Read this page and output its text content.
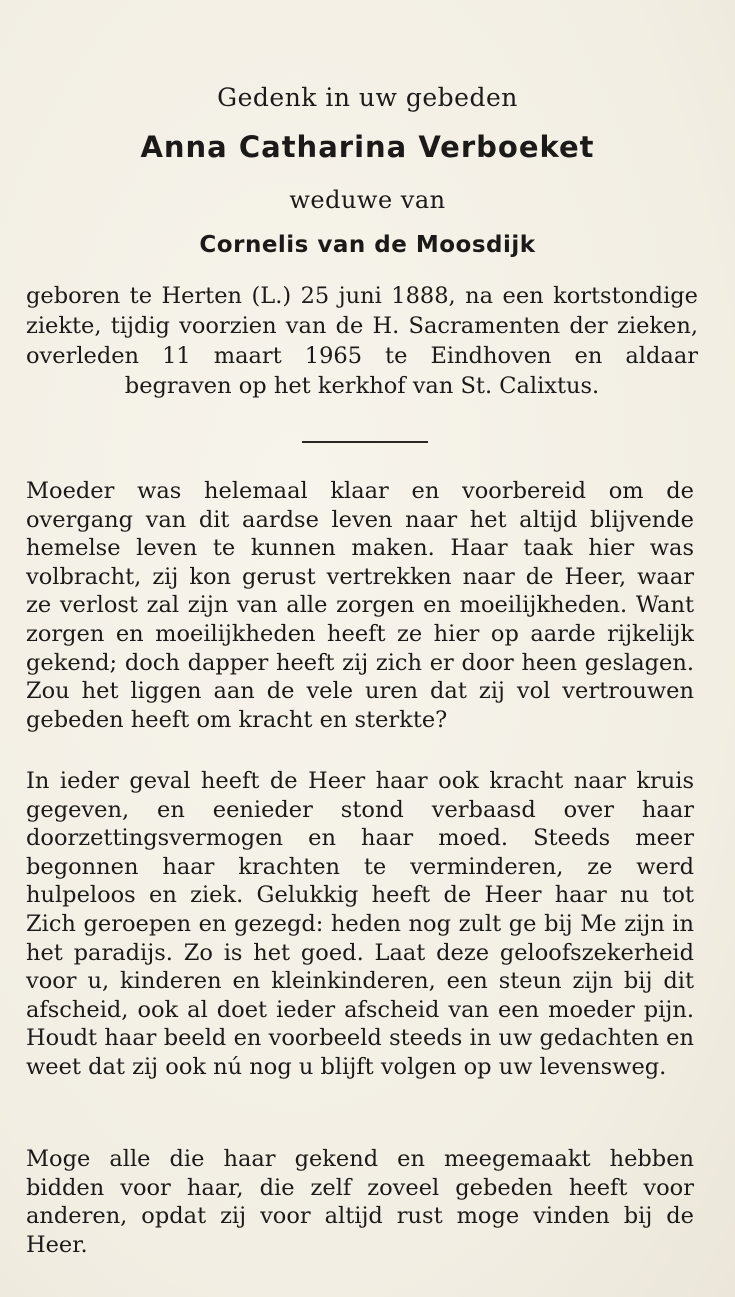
Gedenk in uw gebeden

Anna Catharina Verboeket

weduwe van

Cornelis van de Moosdijk

geboren te Herten (L.) 25 juni 1888, na een kortstondige ziekte, tijdig voorzien van de H. Sacramenten der zieken, overleden 11 maart 1965 te Eindhoven en aldaar begraven op het kerkhof van St. Calixtus.

Moeder was helemaal klaar en voorbereid om de overgang van dit aardse leven naar het altijd blijvende hemelse leven te kunnen maken. Haar taak hier was volbracht, zij kon gerust vertrekken naar de Heer, waar ze verlost zal zijn van alle zorgen en moeilijkheden. Want zorgen en moeilijkheden heeft ze hier op aarde rijkelijk gekend; doch dapper heeft zij zich er door heen geslagen. Zou het liggen aan de vele uren dat zij vol vertrouwen gebeden heeft om kracht en sterkte?

In ieder geval heeft de Heer haar ook kracht naar kruis gegeven, en eenieder stond verbaasd over haar doorzettingsvermogen en haar moed. Steeds meer begonnen haar krachten te verminderen, ze werd hulpeloos en ziek. Gelukkig heeft de Heer haar nu tot Zich geroepen en gezegd: heden nog zult ge bij Me zijn in het paradijs. Zo is het goed. Laat deze geloofszekerheid voor u, kinderen en kleinkinderen, een steun zijn bij dit afscheid, ook al doet ieder afscheid van een moeder pijn. Houdt haar beeld en voorbeeld steeds in uw gedachten en weet dat zij ook nú nog u blijft volgen op uw levensweg.

Moge alle die haar gekend en meegemaakt hebben bidden voor haar, die zelf zoveel gebeden heeft voor anderen, opdat zij voor altijd rust moge vinden bij de Heer.
